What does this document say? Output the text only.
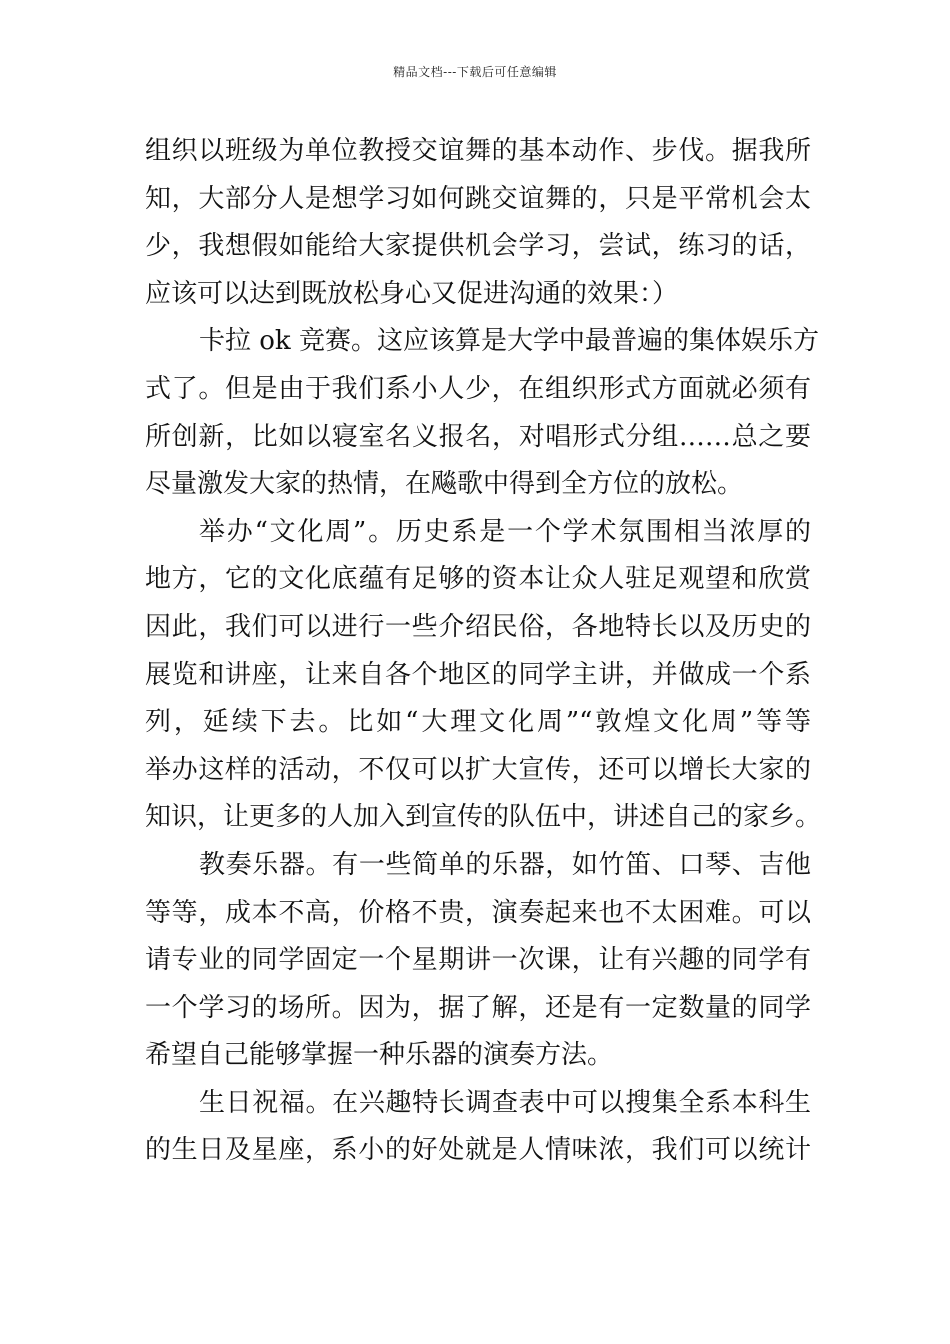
精品文档---下载后可任意编辑
组织以班级为单位教授交谊舞的基本动作、步伐。据我所
知，大部分人是想学习如何跳交谊舞的，只是平常机会太
少，我想假如能给大家提供机会学习，尝试，练习的话，
应该可以达到既放松身心又促进沟通的效果：）
卡拉 ok 竞赛。这应该算是大学中最普遍的集体娱乐方
式了。但是由于我们系小人少，在组织形式方面就必须有
所创新，比如以寝室名义报名，对唱形式分组……总之要
尽量激发大家的热情，在飚歌中得到全方位的放松。
举办“文化周”。历史系是一个学术氛围相当浓厚的
地方，它的文化底蕴有足够的资本让众人驻足观望和欣赏
因此，我们可以进行一些介绍民俗，各地特长以及历史的
展览和讲座，让来自各个地区的同学主讲，并做成一个系
列，延续下去。比如“大理文化周”“敦煌文化周”等等
举办这样的活动，不仅可以扩大宣传，还可以增长大家的
知识，让更多的人加入到宣传的队伍中，讲述自己的家乡。
教奏乐器。有一些简单的乐器，如竹笛、口琴、吉他
等等，成本不高，价格不贵，演奏起来也不太困难。可以
请专业的同学固定一个星期讲一次课，让有兴趣的同学有
一个学习的场所。因为，据了解，还是有一定数量的同学
希望自己能够掌握一种乐器的演奏方法。
生日祝福。在兴趣特长调查表中可以搜集全系本科生
的生日及星座，系小的好处就是人情味浓，我们可以统计
